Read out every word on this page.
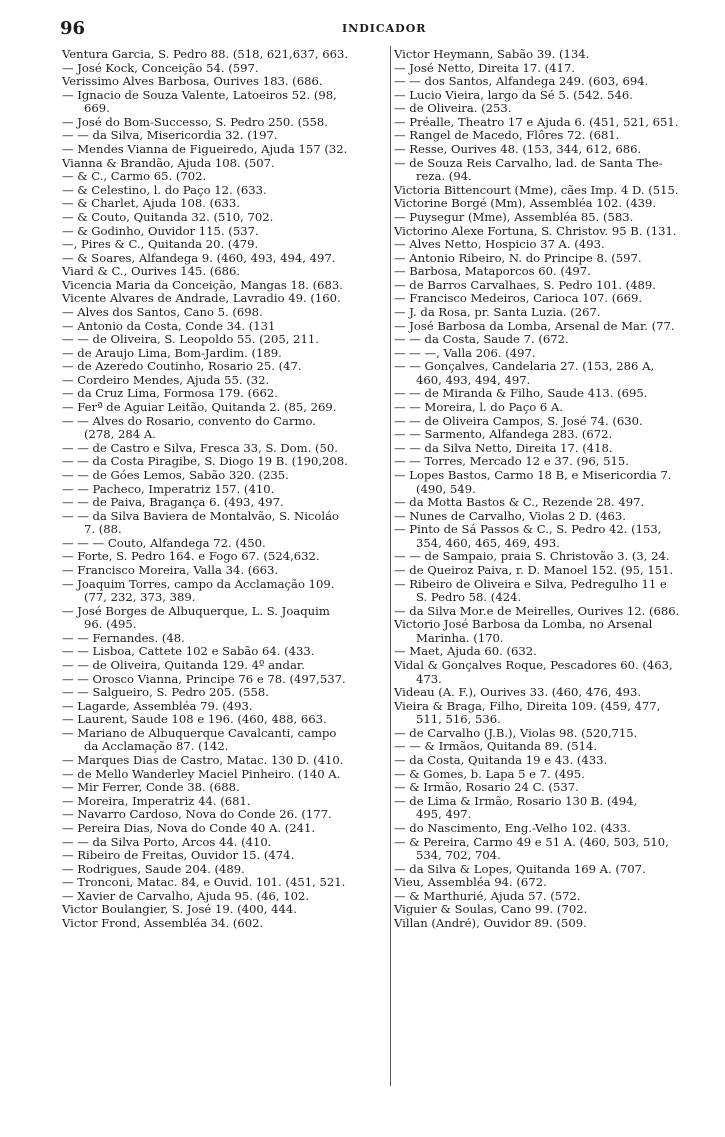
96	INDICADOR
Ventura Garcia, S. Pedro 88. (518, 621,637, 663.
— José Kock, Conceição 54. (597.
Verissimo Alves Barbosa, Ourives 183. (686.
— Ignacio de Souza Valente, Latoeiros 52. (98,
669.
— José do Bom-Successo, S. Pedro 250. (558.
— — da Silva, Misericordia 32. (197.
— Mendes Vianna de Figueiredo, Ajuda 157 (32.
Vianna & Brandão, Ajuda 108. (507.
— & C., Carmo 65. (702.
— & Celestino, l. do Paço 12. (633.
— & Charlet, Ajuda 108. (633.
— & Couto, Quitanda 32. (510, 702.
— & Godinho, Ouvidor 115. (537.
—, Pires & C., Quitanda 20. (479.
— & Soares, Alfandega 9. (460, 493, 494, 497.
Viard & C., Ourives 145. (686.
Vicencia Maria da Conceição, Mangas 18. (683.
Vicente Alvares de Andrade, Lavradio 49. (160.
— Alves dos Santos, Cano 5. (698.
— Antonio da Costa, Conde 34. (131
— — de Oliveira, S. Leopoldo 55. (205, 211.
— de Araujo Lima, Bom-Jardim. (189.
— de Azeredo Coutinho, Rosario 25. (47.
— Cordeiro Mendes, Ajuda 55. (32.
— da Cruz Lima, Formosa 179. (662.
— Ferª de Aguiar Leitão, Quitanda 2. (85, 269.
— — Alves do Rosario, convento do Carmo.
(278, 284 A.
— — de Castro e Silva, Fresca 33, S. Dom. (50.
— — da Costa Piragibe, S. Diogo 19 B. (190,208.
— — de Góes Lemos, Sabão 320. (235.
— — Pacheco, Imperatriz 157. (410.
— — de Paiva, Bragança 6. (493, 497.
— — da Silva Baviera de Montalvão, S. Nicoláo
7. (88.
— — — Couto, Alfandega 72. (450.
— Forte, S. Pedro 164. e Fogo 67. (524,632.
— Francisco Moreira, Valla 34. (663.
— Joaquim Torres, campo da Acclamação 109.
(77, 232, 373, 389.
— José Borges de Albuquerque, L. S. Joaquim
96. (495.
— — Fernandes. (48.
— — Lisboa, Cattete 102 e Sabão 64. (433.
— — de Oliveira, Quitanda 129. 4º andar.
— — Orosco Vianna, Principe 76 e 78. (497,537.
— — Salgueiro, S. Pedro 205. (558.
— Lagarde, Assembléa 79. (493.
— Laurent, Saude 108 e 196. (460, 488, 663.
— Mariano de Albuquerque Cavalcanti, campo
da Acclamação 87. (142.
— Marques Dias de Castro, Matac. 130 D. (410.
— de Mello Wanderley Maciel Pinheiro. (140 A.
— Mir Ferrer, Conde 38. (688.
— Moreira, Imperatriz 44. (681.
— Navarro Cardoso, Nova do Conde 26. (177.
— Pereira Dias, Nova do Conde 40 A. (241.
— — da Silva Porto, Arcos 44. (410.
— Ribeiro de Freitas, Ouvidor 15. (474.
— Rodrigues, Saude 204. (489.
— Tronconi, Matac. 84, e Ouvid. 101. (451, 521.
— Xavier de Carvalho, Ajuda 95. (46, 102.
Victor Boulangier, S. José 19. (400, 444.
Victor Frond, Assembléa 34. (602.
Victor Heymann, Sabão 39. (134.
— José Netto, Direita 17. (417.
— — dos Santos, Alfandega 249. (603, 694.
— Lucio Vieira, largo da Sé 5. (542. 546.
— de Oliveira. (253.
— Préalle, Theatro 17 e Ajuda 6. (451, 521, 651.
— Rangel de Macedo, Flôres 72. (681.
— Resse, Ourives 48. (153, 344, 612, 686.
— de Souza Reis Carvalho, lad. de Santa The-
reza. (94.
Victoria Bittencourt (Mme), cães Imp. 4 D. (515.
Victorine Borgé (Mm), Assembléa 102. (439.
— Puysegur (Mme), Assembléa 85. (583.
Victorino Alexe Fortuna, S. Christov. 95 B. (131.
— Alves Netto, Hospicio 37 A. (493.
— Antonio Ribeiro, N. do Principe 8. (597.
— Barbosa, Mataporcos 60. (497.
— de Barros Carvalhaes, S. Pedro 101. (489.
— Francisco Medeiros, Carioca 107. (669.
— J. da Rosa, pr. Santa Luzia. (267.
— José Barbosa da Lomba, Arsenal de Mar. (77.
— — da Costa, Saude 7. (672.
— — —, Valla 206. (497.
— — Gonçalves, Candelaria 27. (153, 286 A,
460, 493, 494, 497.
— — de Miranda & Filho, Saude 413. (695.
— — Moreira, l. do Paço 6 A.
— — de Oliveira Campos, S. José 74. (630.
— — Sarmento, Alfandega 283. (672.
— — da Silva Netto, Direita 17. (418.
— — Torres, Mercado 12 e 37. (96, 515.
— Lopes Bastos, Carmo 18 B, e Misericordia 7.
(490, 549.
— da Motta Bastos & C., Rezende 28. 497.
— Nunes de Carvalho, Violas 2 D. (463.
— Pinto de Sá Passos & C., S. Pedro 42. (153,
354, 460, 465, 469, 493.
— — de Sampaio, praia S. Christovão 3. (3, 24.
— de Queiroz Paiva, r. D. Manoel 152. (95, 151.
— Ribeiro de Oliveira e Silva, Pedregulho 11 e
S. Pedro 58. (424.
— da Silva Mor.e de Meirelles, Ourives 12. (686.
Victorio José Barbosa da Lomba, no Arsenal
Marinha. (170.
— Maet, Ajuda 60. (632.
Vidal & Gonçalves Roque, Pescadores 60. (463,
473.
Videau (A. F.), Ourives 33. (460, 476, 493.
Vieira & Braga, Filho, Direita 109. (459, 477,
511, 516, 536.
— de Carvalho (J.B.), Violas 98. (520,715.
— — & Irmãos, Quitanda 89. (514.
— da Costa, Quitanda 19 e 43. (433.
— & Gomes, b. Lapa 5 e 7. (495.
— & Irmão, Rosario 24 C. (537.
— de Lima & Irmão, Rosario 130 B. (494,
495, 497.
— do Nascimento, Eng.-Velho 102. (433.
— & Pereira, Carmo 49 e 51 A. (460, 503, 510,
534, 702, 704.
— da Silva & Lopes, Quitanda 169 A. (707.
Vieu, Assembléa 94. (672.
— & Marthurié, Ajuda 57. (572.
Viguier & Soulas, Cano 99. (702.
Villan (André), Ouvidor 89. (509.
